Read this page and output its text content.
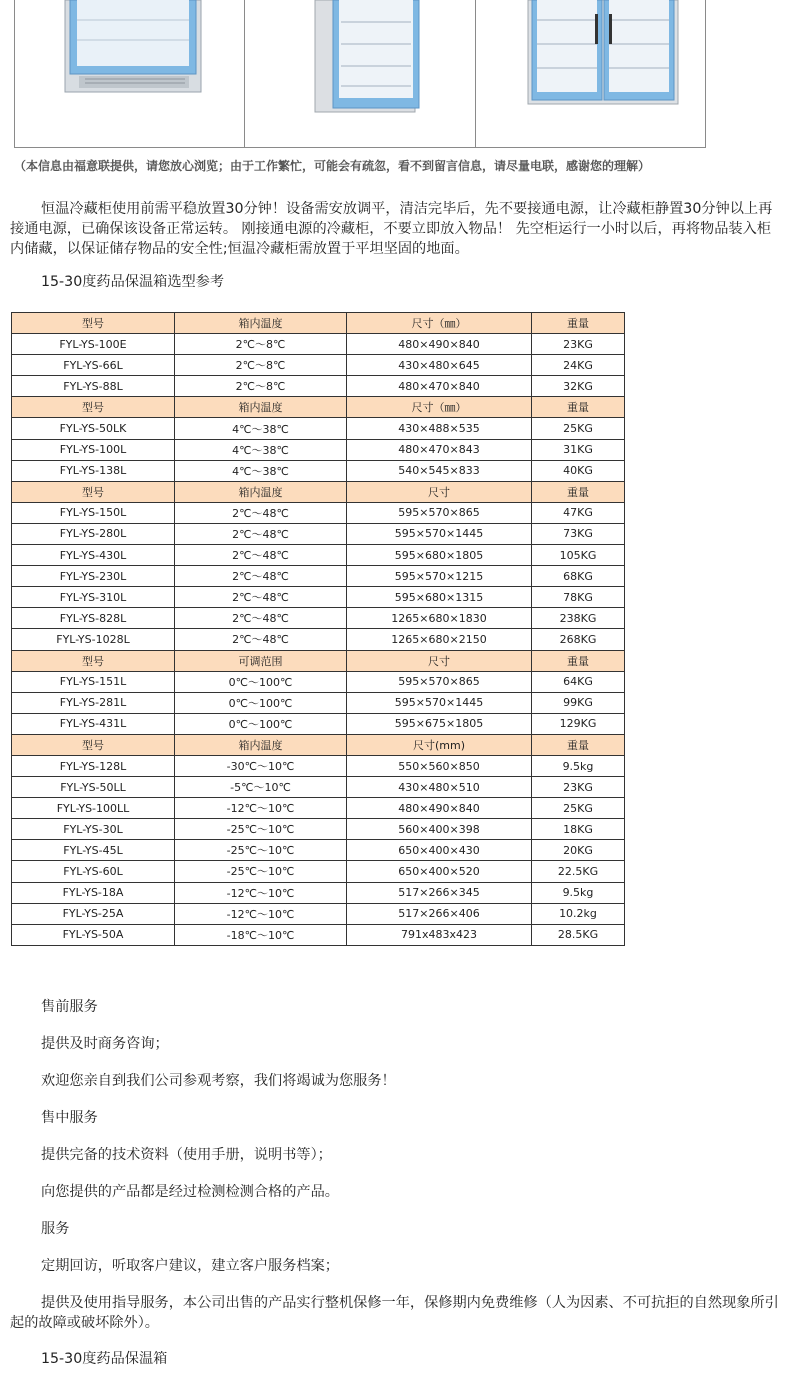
（本信息由福意联提供，请您放心浏览；由于工作繁忙，可能会有疏忽，看不到留言信息，请尽量电联，感谢您的理解）

恒温冷藏柜使用前需平稳放置30分钟！设备需安放调平，清洁完毕后，先不要接通电源，让冷藏柜静置30分钟以上再接通电源，已确保该设备正常运转。 刚接通电源的冷藏柜，不要立即放入物品！ 先空柜运行一小时以后，再将物品装入柜内储藏，以保证储存物品的安全性;恒温冷藏柜需放置于平坦坚固的地面。

15-30度药品保温箱选型参考

型号	箱内温度	尺寸（㎜）	重量
FYL-YS-100E	2℃～8℃	480×490×840	23KG
FYL-YS-66L	2℃～8℃	430×480×645	24KG
FYL-YS-88L	2℃～8℃	480×470×840	32KG
型号	箱内温度	尺寸（㎜）	重量
FYL-YS-50LK	4℃～38℃	430×488×535	25KG
FYL-YS-100L	4℃～38℃	480×470×843	31KG
FYL-YS-138L	4℃～38℃	540×545×833	40KG
型号	箱内温度	尺寸	重量
FYL-YS-150L	2℃～48℃	595×570×865	47KG
FYL-YS-280L	2℃～48℃	595×570×1445	73KG
FYL-YS-430L	2℃～48℃	595×680×1805	105KG
FYL-YS-230L	2℃～48℃	595×570×1215	68KG
FYL-YS-310L	2℃～48℃	595×680×1315	78KG
FYL-YS-828L	2℃～48℃	1265×680×1830	238KG
FYL-YS-1028L	2℃～48℃	1265×680×2150	268KG
型号	可调范围	尺寸	重量
FYL-YS-151L	0℃～100℃	595×570×865	64KG
FYL-YS-281L	0℃～100℃	595×570×1445	99KG
FYL-YS-431L	0℃～100℃	595×675×1805	129KG
型号	箱内温度	尺寸(mm)	重量
FYL-YS-128L	-30℃～10℃	550×560×850	9.5kg
FYL-YS-50LL	-5℃～10℃	430×480×510	23KG
FYL-YS-100LL	-12℃～10℃	480×490×840	25KG
FYL-YS-30L	-25℃～10℃	560×400×398	18KG
FYL-YS-45L	-25℃～10℃	650×400×430	20KG
FYL-YS-60L	-25℃～10℃	650×400×520	22.5KG
FYL-YS-18A	-12℃～10℃	517×266×345	9.5kg
FYL-YS-25A	-12℃～10℃	517×266×406	10.2kg
FYL-YS-50A	-18℃～10℃	791x483x423	28.5KG

售前服务

提供及时商务咨询；

欢迎您亲自到我们公司参观考察，我们将竭诚为您服务！

售中服务

提供完备的技术资料（使用手册，说明书等）；

向您提供的产品都是经过检测检测合格的产品。

服务

定期回访，听取客户建议，建立客户服务档案；

提供及使用指导服务，本公司出售的产品实行整机保修一年，保修期内免费维修（人为因素、不可抗拒的自然现象所引起的故障或破坏除外）。

15-30度药品保温箱
